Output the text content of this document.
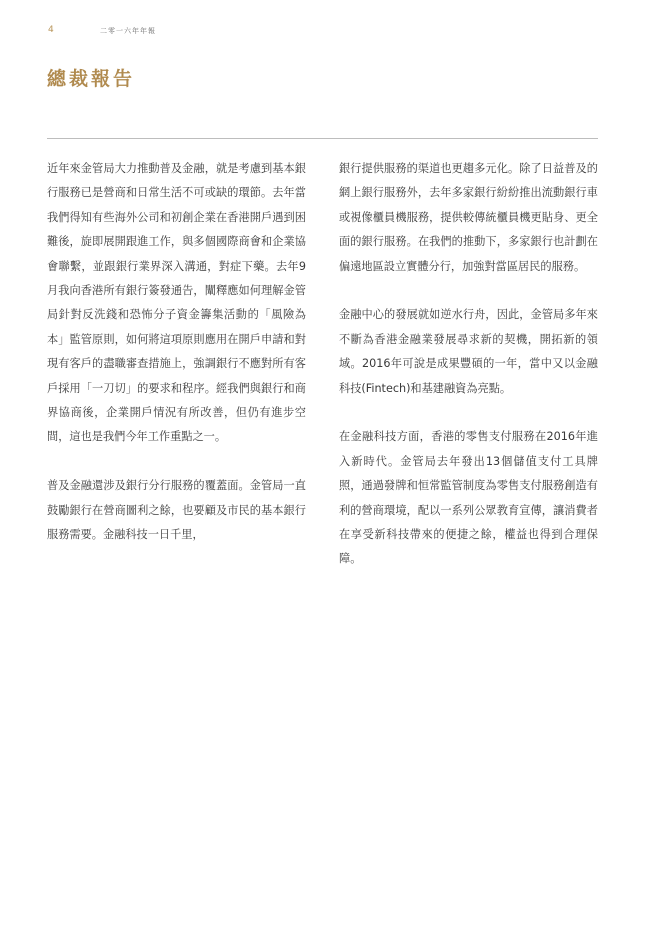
4	二零一六年年報
總裁報告

近年來金管局大力推動普及金融，就是考慮到基本銀行服務已是營商和日常生活不可或缺的環節。去年當我們得知有些海外公司和初創企業在香港開戶遇到困難後，旋即展開跟進工作，與多個國際商會和企業協會聯繫，並跟銀行業界深入溝通，對症下藥。去年9月我向香港所有銀行簽發通告，闡釋應如何理解金管局針對反洗錢和恐怖分子資金籌集活動的「風險為本」監管原則，如何將這項原則應用在開戶申請和對現有客戶的盡職審查措施上，強調銀行不應對所有客戶採用「一刀切」的要求和程序。經我們與銀行和商界協商後，企業開戶情況有所改善，但仍有進步空間，這也是我們今年工作重點之一。

普及金融還涉及銀行分行服務的覆蓋面。金管局一直鼓勵銀行在營商圖利之餘，也要顧及市民的基本銀行服務需要。金融科技一日千里，

銀行提供服務的渠道也更趨多元化。除了日益普及的網上銀行服務外，去年多家銀行紛紛推出流動銀行車或視像櫃員機服務，提供較傳統櫃員機更貼身、更全面的銀行服務。在我們的推動下，多家銀行也計劃在偏遠地區設立實體分行，加強對當區居民的服務。

金融中心的發展就如逆水行舟，因此，金管局多年來不斷為香港金融業發展尋求新的契機，開拓新的領域。2016年可說是成果豐碩的一年，當中又以金融科技(Fintech)和基建融資為亮點。

在金融科技方面，香港的零售支付服務在2016年進入新時代。金管局去年發出13個儲值支付工具牌照，通過發牌和恒常監管制度為零售支付服務創造有利的營商環境，配以一系列公眾教育宣傳，讓消費者在享受新科技帶來的便捷之餘，權益也得到合理保障。
